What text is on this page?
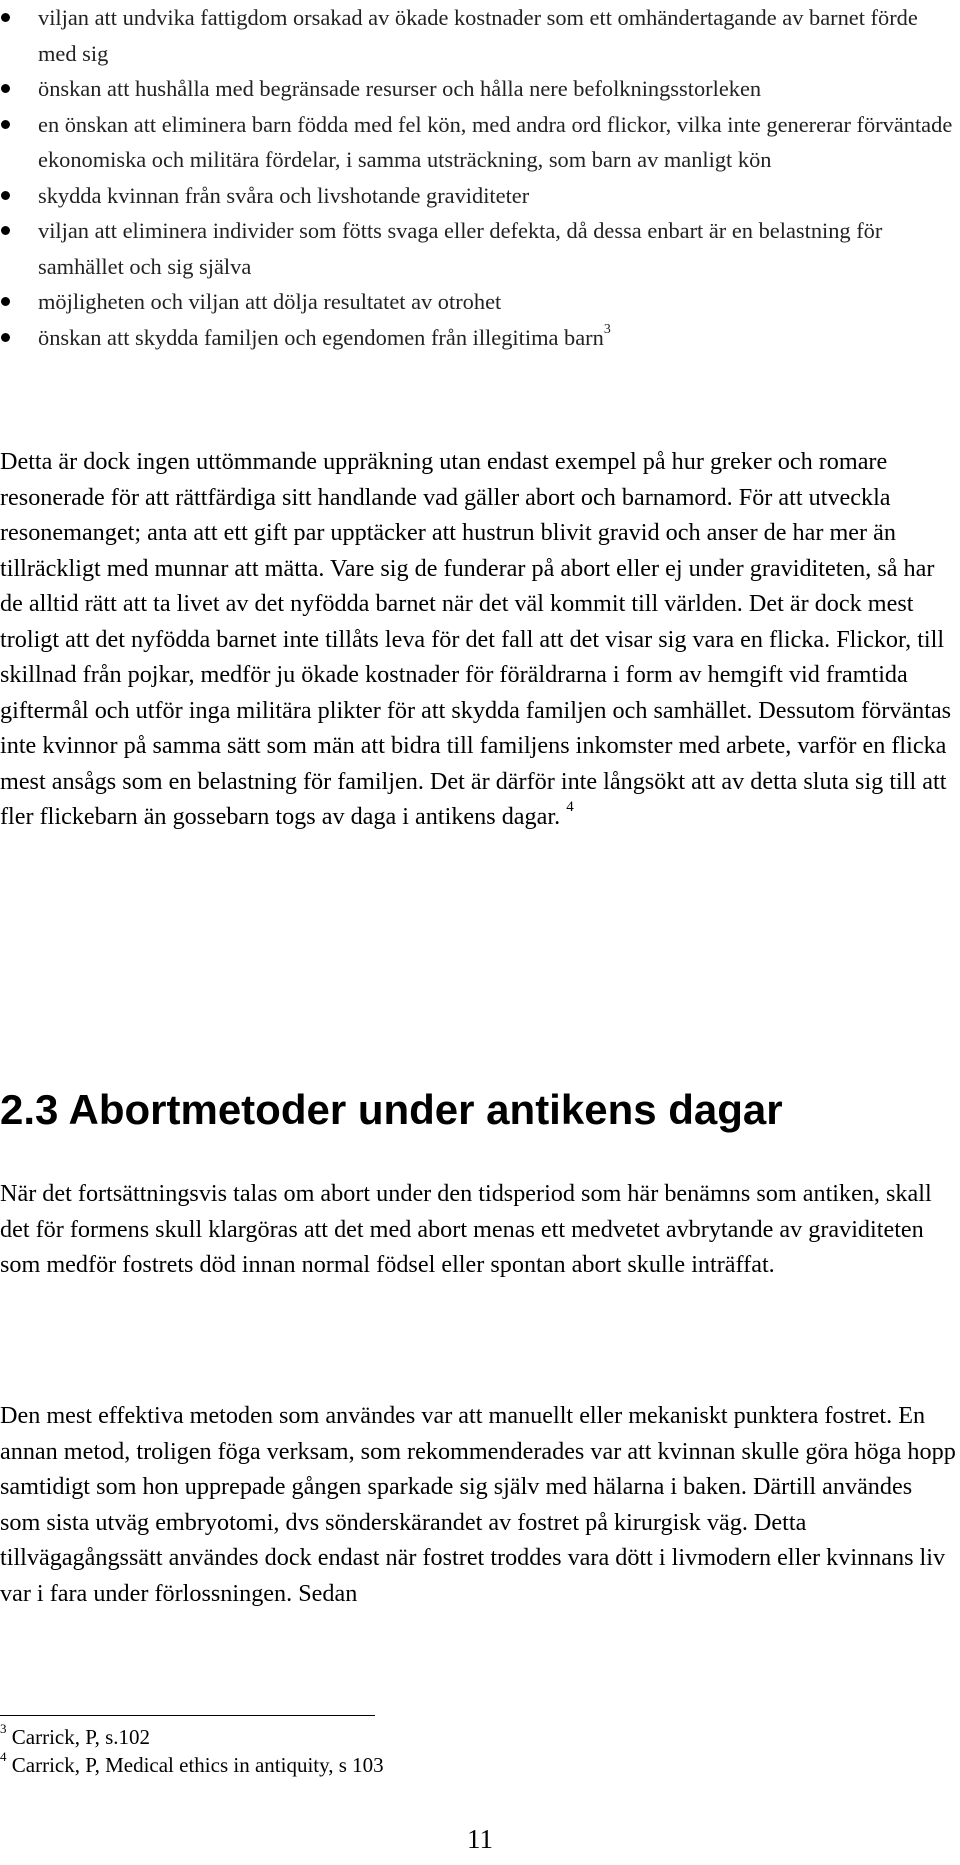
viljan att undvika fattigdom orsakad av ökade kostnader som ett omhändertagande av barnet förde med sig
önskan att hushålla med begränsade resurser och hålla nere befolkningsstorleken
en önskan att eliminera barn födda med fel kön, med andra ord flickor, vilka inte genererar förväntade ekonomiska och militära fördelar, i samma utsträckning, som barn av manligt kön
skydda kvinnan från svåra och livshotande graviditeter
viljan att eliminera individer som fötts svaga eller defekta, då dessa enbart är en belastning för samhället och sig själva
möjligheten och viljan att dölja resultatet av otrohet
önskan att skydda familjen och egendomen från illegitima barn$^3$

Detta är dock ingen uttömmande uppräkning utan endast exempel på hur greker och romare resonerade för att rättfärdiga sitt handlande vad gäller abort och barnamord. För att utveckla resonemanget; anta att ett gift par upptäcker att hustrun blivit gravid och anser de har mer än tillräckligt med munnar att mätta. Vare sig de funderar på abort eller ej under graviditeten, så har de alltid rätt att ta livet av det nyfödda barnet när det väl kommit till världen. Det är dock mest troligt att det nyfödda barnet inte tillåts leva för det fall att det visar sig vara en flicka. Flickor, till skillnad från pojkar, medför ju ökade kostnader för föräldrarna i form av hemgift vid framtida giftermål och utför inga militära plikter för att skydda familjen och samhället. Dessutom förväntas inte kvinnor på samma sätt som män att bidra till familjens inkomster med arbete, varför en flicka mest ansågs som en belastning för familjen. Det är därför inte långsökt att av detta sluta sig till att fler flickebarn än gossebarn togs av daga i antikens dagar. $^4$

2.3 Abortmetoder under antikens dagar

När det fortsättningsvis talas om abort under den tidsperiod som här benämns som antiken, skall det för formens skull klargöras att det med abort menas ett medvetet avbrytande av graviditeten som medför fostrets död innan normal födsel eller spontan abort skulle inträffat.

Den mest effektiva metoden som användes var att manuellt eller mekaniskt punktera fostret. En annan metod, troligen föga verksam, som rekommenderades var att kvinnan skulle göra höga hopp samtidigt som hon upprepade gången sparkade sig själv med hälarna i baken. Därtill användes som sista utväg embryotomi, dvs sönderskärandet av fostret på kirurgisk väg. Detta tillvägagångssätt användes dock endast när fostret troddes vara dött i livmodern eller kvinnans liv var i fara under förlossningen. Sedan

$^3$ Carrick, P, s.102

$^4$ Carrick, P, Medical ethics in antiquity, s 103

11
